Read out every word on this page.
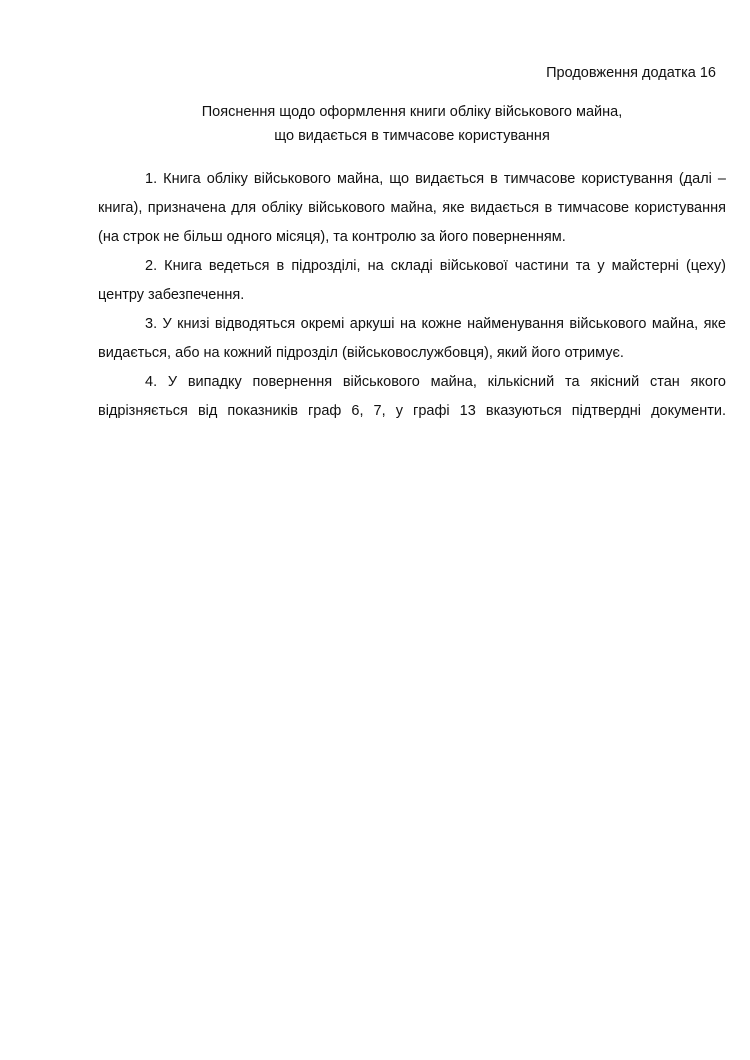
Продовження додатка 16
Пояснення щодо оформлення книги обліку військового майна,
що видається в тимчасове користування

1. Книга обліку військового майна, що видається в тимчасове користування (далі – книга), призначена для обліку військового майна, яке видається в тимчасове користування (на строк не більш одного місяця), та контролю за його поверненням.

2. Книга ведеться в підрозділі, на складі військової частини та у майстерні (цеху) центру забезпечення.

3. У книзі відводяться окремі аркуші на кожне найменування військового майна, яке видається, або на кожний підрозділ (військовослужбовця), який його отримує.

4. У випадку повернення військового майна, кількісний та якісний стан якого відрізняється від показників граф 6, 7, у графі 13 вказуються підтвердні документи.
